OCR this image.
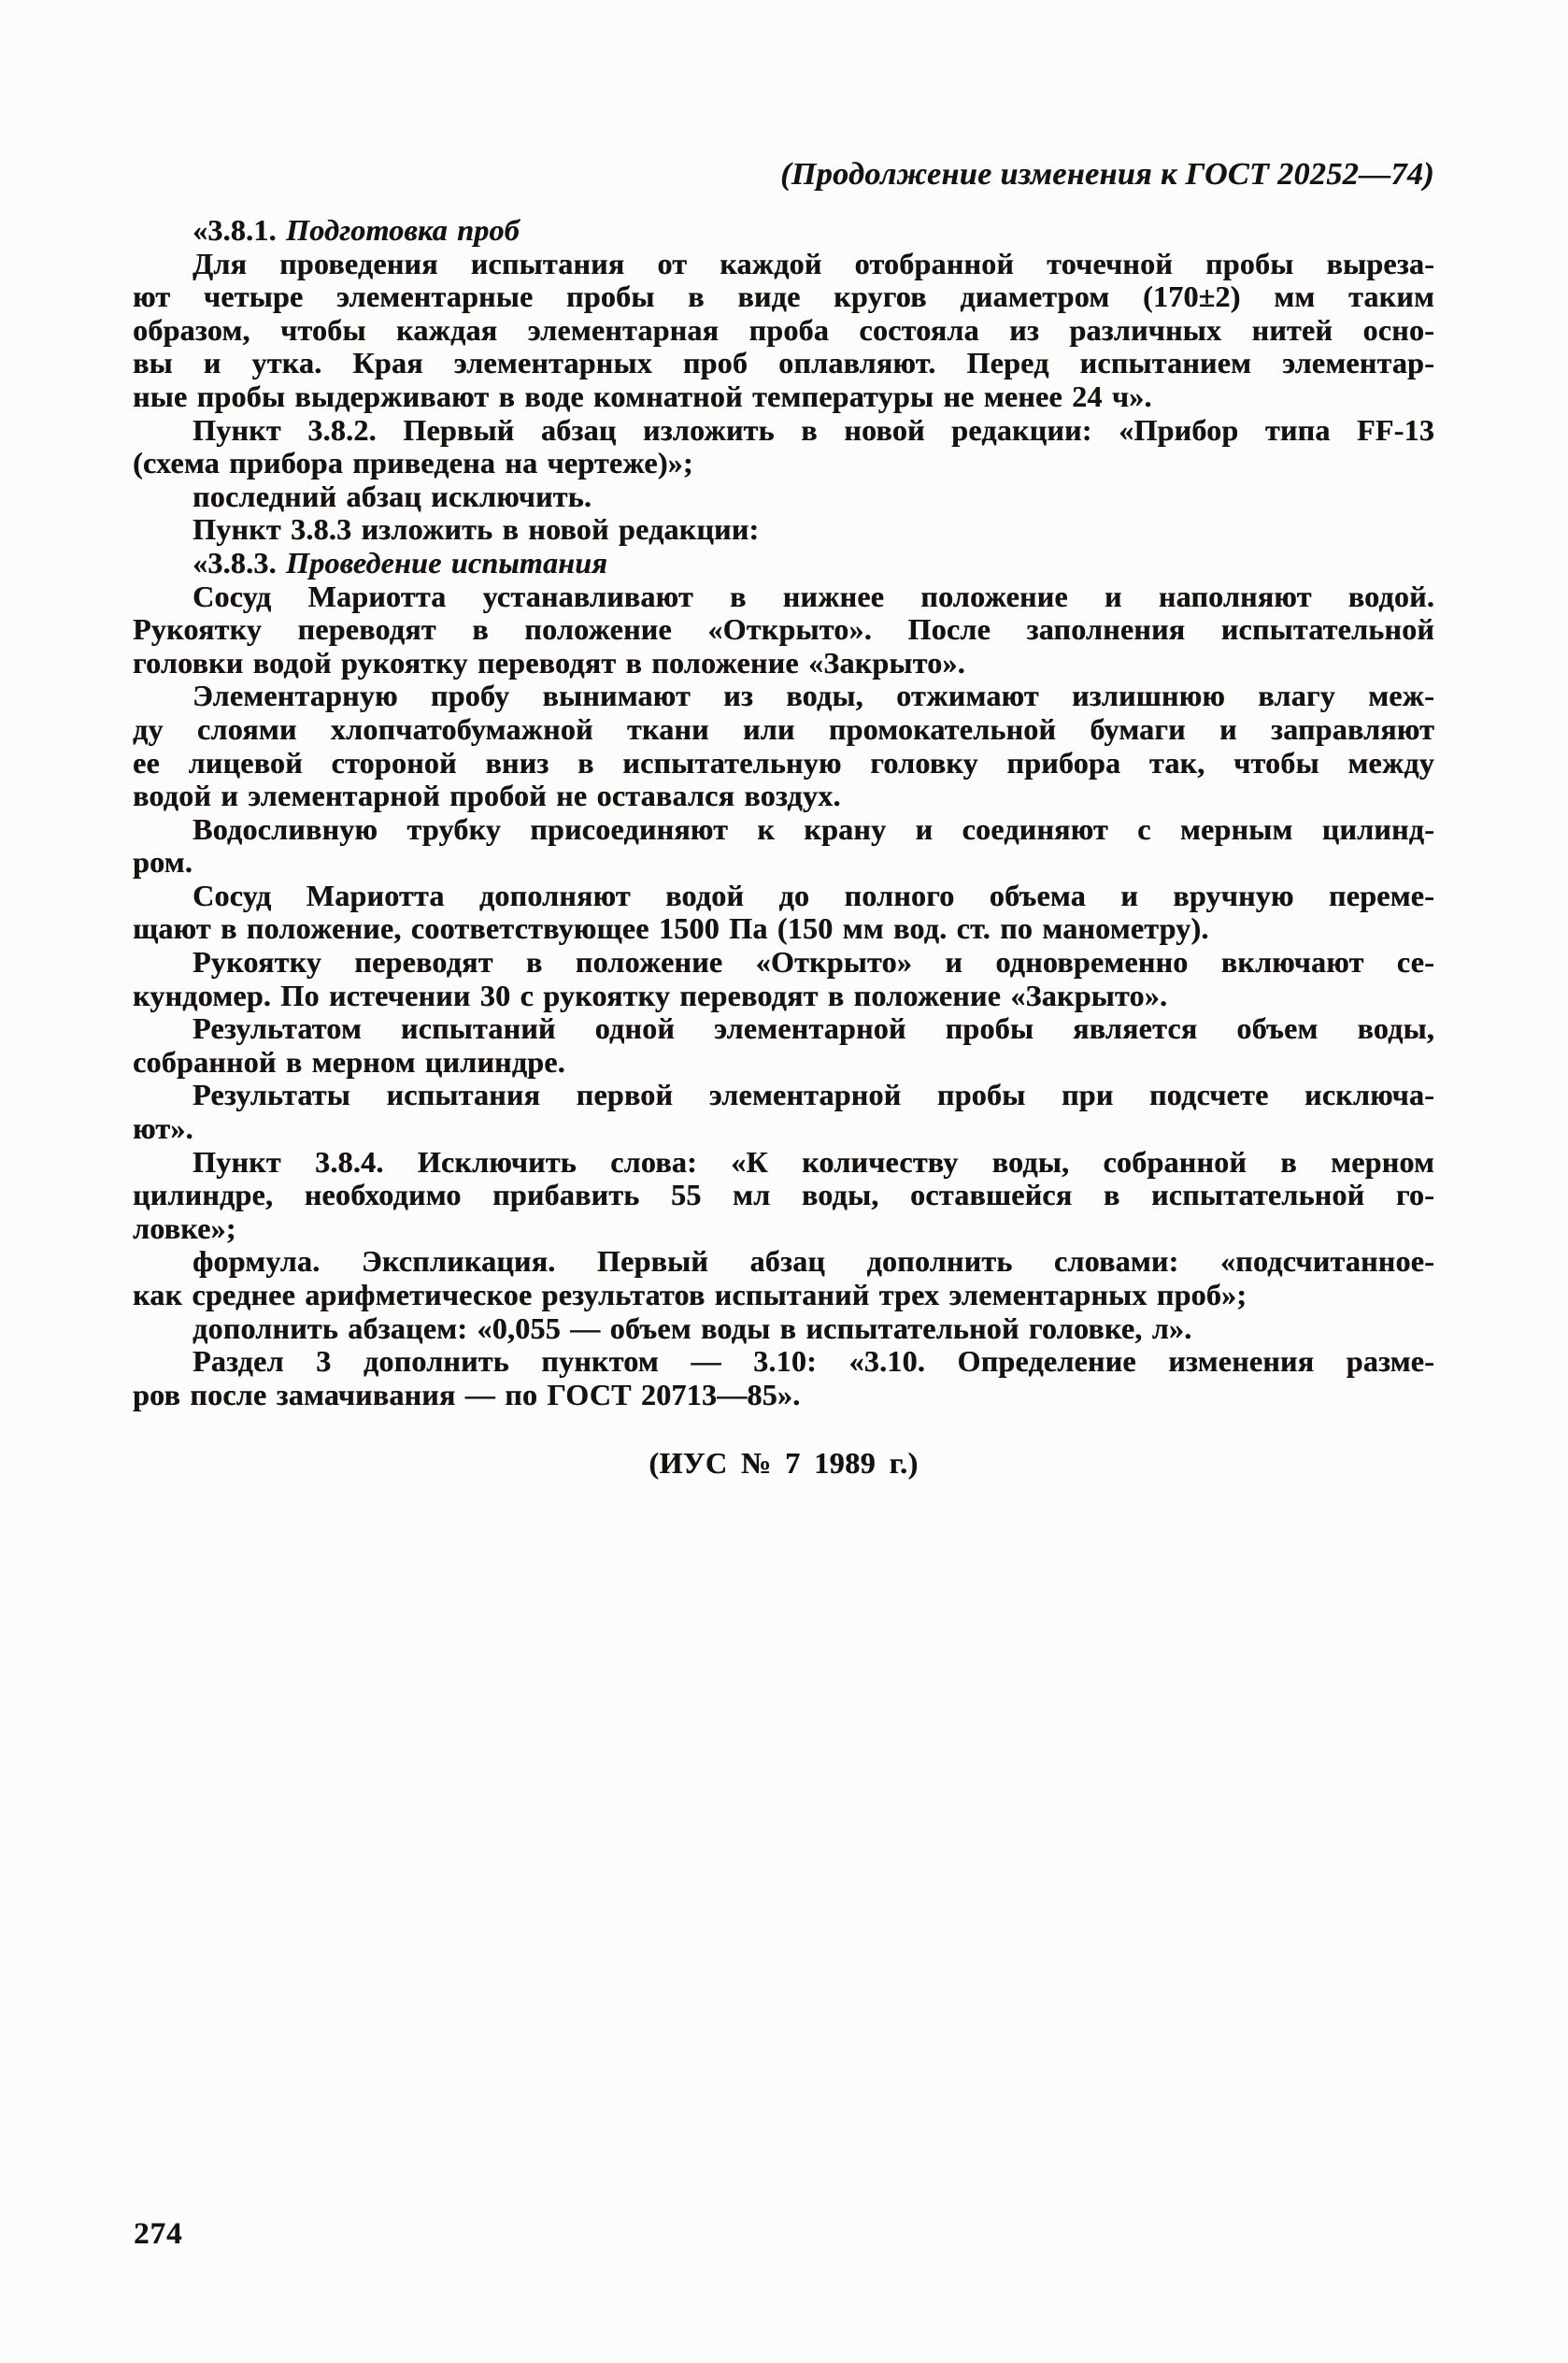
(Продолжение изменения к ГОСТ 20252—74)
«3.8.1. Подготовка проб
Для проведения испытания от каждой отобранной точечной пробы выреза-
ют четыре элементарные пробы в виде кругов диаметром (170±2) мм таким
образом, чтобы каждая элементарная проба состояла из различных нитей осно-
вы и утка. Края элементарных проб оплавляют. Перед испытанием элементар-
ные пробы выдерживают в воде комнатной температуры не менее 24 ч».
Пункт 3.8.2. Первый абзац изложить в новой редакции: «Прибор типа FF-13
(схема прибора приведена на чертеже)»;
последний абзац исключить.
Пункт 3.8.3 изложить в новой редакции:
«3.8.3. Проведение испытания
Сосуд Мариотта устанавливают в нижнее положение и наполняют водой.
Рукоятку переводят в положение «Открыто». После заполнения испытательной
головки водой рукоятку переводят в положение «Закрыто».
Элементарную пробу вынимают из воды, отжимают излишнюю влагу меж-
ду слоями хлопчатобумажной ткани или промокательной бумаги и заправляют
ее лицевой стороной вниз в испытательную головку прибора так, чтобы между
водой и элементарной пробой не оставался воздух.
Водосливную трубку присоединяют к крану и соединяют с мерным цилинд-
ром.
Сосуд Мариотта дополняют водой до полного объема и вручную переме-
щают в положение, соответствующее 1500 Па (150 мм вод. ст. по манометру).
Рукоятку переводят в положение «Открыто» и одновременно включают се-
кундомер. По истечении 30 с рукоятку переводят в положение «Закрыто».
Результатом испытаний одной элементарной пробы является объем воды,
собранной в мерном цилиндре.
Результаты испытания первой элементарной пробы при подсчете исключа-
ют».
Пункт 3.8.4. Исключить слова: «К количеству воды, собранной в мерном
цилиндре, необходимо прибавить 55 мл воды, оставшейся в испытательной го-
ловке»;
формула. Экспликация. Первый абзац дополнить словами: «подсчитанное-
как среднее арифметическое результатов испытаний трех элементарных проб»;
дополнить абзацем: «0,055 — объем воды в испытательной головке, л».
Раздел 3 дополнить пунктом — 3.10: «3.10. Определение изменения разме-
ров после замачивания — по ГОСТ 20713—85».
(ИУС № 7 1989 г.)
274
